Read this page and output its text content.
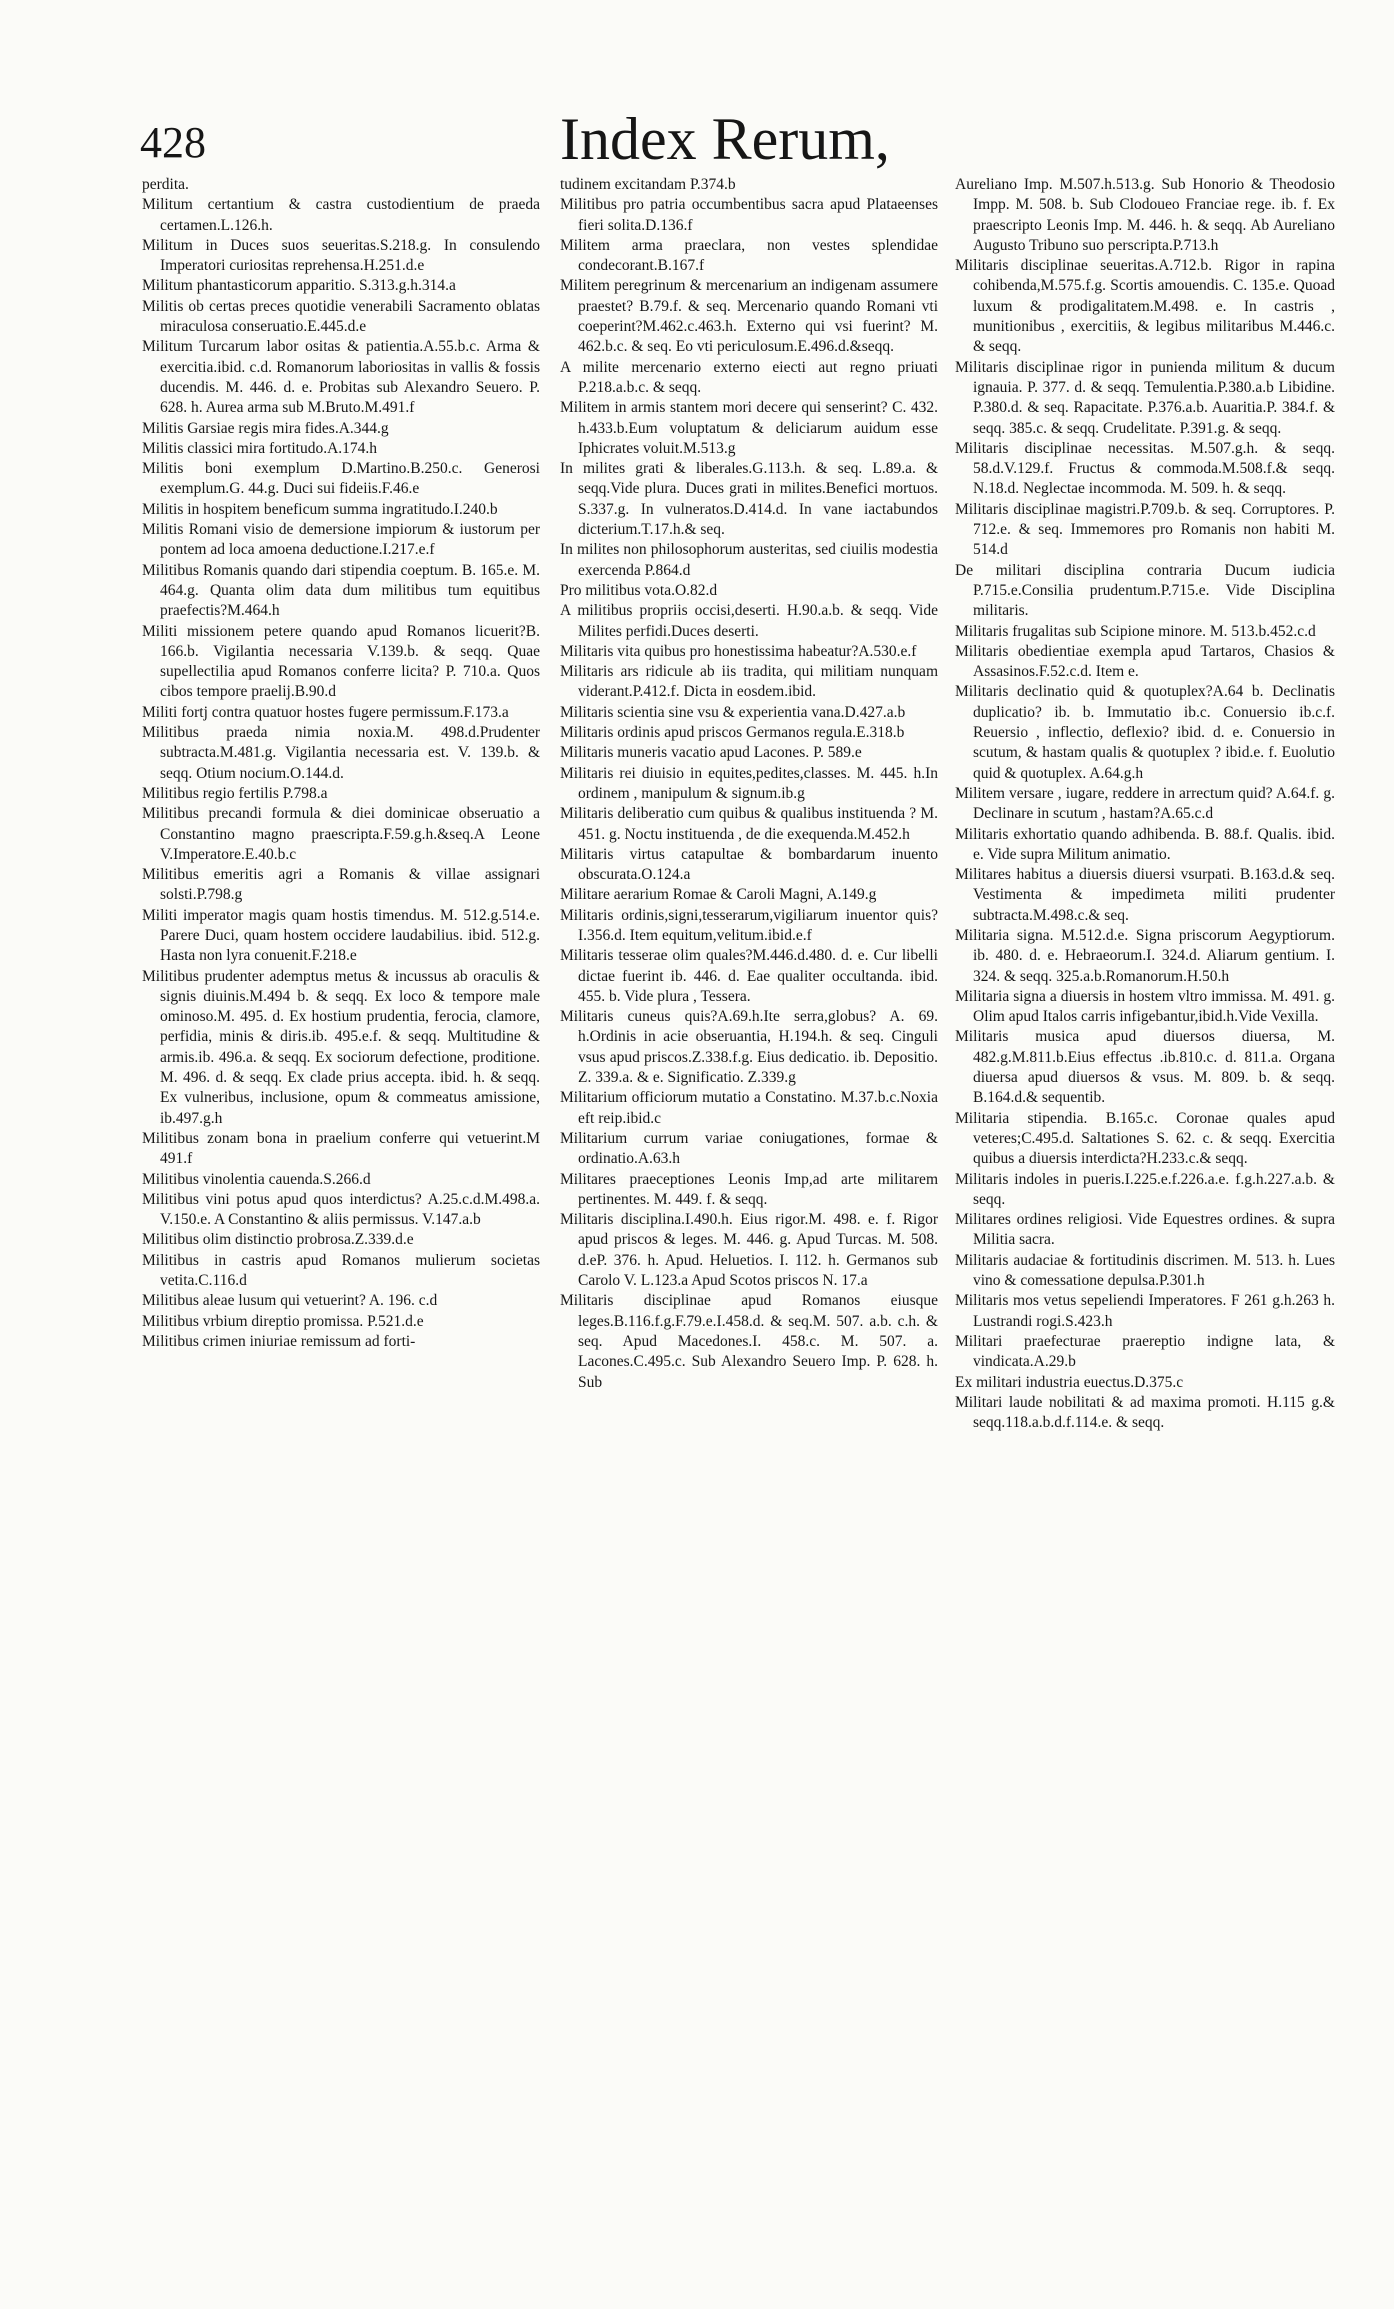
428	Index Rerum,

perdita.

Militum certantium & castra custodientium de praeda certamen.L.126.h.

Militum in Duces suos seueritas.S.218.g. In consulendo Imperatori curiositas reprehensa.H.251.d.e

Militum phantasticorum apparitio. S.313.g.h.314.a

Militis ob certas preces quotidie venerabili Sacramento oblatas miraculosa conseruatio.E.445.d.e

Militum Turcarum labor ositas & patientia.A.55.b.c. Arma & exercitia.ibid. c.d. Romanorum laboriositas in vallis & fossis ducendis. M. 446. d. e. Probitas sub Alexandro Seuero. P. 628. h. Aurea arma sub M.Bruto.M.491.f

Militis Garsiae regis mira fides.A.344.g

Militis classici mira fortitudo.A.174.h

Militis boni exemplum D.Martino.B.250.c. Generosi exemplum.G. 44.g. Duci sui fideiis.F.46.e

Militis in hospitem beneficum summa ingratitudo.I.240.b

Militis Romani visio de demersione impiorum & iustorum per pontem ad loca amoena deductione.I.217.e.f

Militibus Romanis quando dari stipendia coeptum. B. 165.e. M. 464.g. Quanta olim data dum militibus tum equitibus praefectis?M.464.h

Militi missionem petere quando apud Romanos licuerit?B. 166.b. Vigilantia necessaria V.139.b. & seqq. Quae supellectilia apud Romanos conferre licita? P. 710.a. Quos cibos tempore praelij.B.90.d

Militi fortj contra quatuor hostes fugere permissum.F.173.a

Militibus praeda nimia noxia.M. 498.d.Prudenter subtracta.M.481.g. Vigilantia necessaria est. V. 139.b. & seqq. Otium nocium.O.144.d.

Militibus regio fertilis P.798.a

Militibus precandi formula & diei dominicae obseruatio a Constantino magno praescripta.F.59.g.h.&seq.A Leone V.Imperatore.E.40.b.c

Militibus emeritis agri a Romanis & villae assignari solsti.P.798.g

Militi imperator magis quam hostis timendus. M. 512.g.514.e. Parere Duci, quam hostem occidere laudabilius. ibid. 512.g. Hasta non lyra conuenit.F.218.e

Militibus prudenter ademptus metus & incussus ab oraculis & signis diuinis.M.494 b. & seqq. Ex loco & tempore male ominoso.M. 495. d. Ex hostium prudentia, ferocia, clamore, perfidia, minis & diris.ib. 495.e.f. & seqq. Multitudine & armis.ib. 496.a. & seqq. Ex sociorum defectione, proditione. M. 496. d. & seqq. Ex clade prius accepta. ibid. h. & seqq. Ex vulneribus, inclusione, opum & commeatus amissione, ib.497.g.h

Militibus zonam bona in praelium conferre qui vetuerint.M 491.f

Militibus vinolentia cauenda.S.266.d

Militibus vini potus apud quos interdictus? A.25.c.d.M.498.a. V.150.e. A Constantino & aliis permissus. V.147.a.b

Militibus olim distinctio probrosa.Z.339.d.e

Militibus in castris apud Romanos mulierum societas vetita.C.116.d

Militibus aleae lusum qui vetuerint? A. 196. c.d

Militibus vrbium direptio promissa. P.521.d.e

Militibus crimen iniuriae remissum ad forti-

tudinem excitandam P.374.b

Militibus pro patria occumbentibus sacra apud Plataeenses fieri solita.D.136.f

Militem arma praeclara, non vestes splendidae condecorant.B.167.f

Militem peregrinum & mercenarium an indigenam assumere praestet? B.79.f. & seq. Mercenario quando Romani vti coeperint?M.462.c.463.h. Externo qui vsi fuerint? M. 462.b.c. & seq. Eo vti periculosum.E.496.d.&seqq.

A milite mercenario externo eiecti aut regno priuati P.218.a.b.c. & seqq.

Militem in armis stantem mori decere qui senserint? C. 432. h.433.b.Eum voluptatum & deliciarum auidum esse Iphicrates voluit.M.513.g

In milites grati & liberales.G.113.h. & seq. L.89.a. & seqq.Vide plura. Duces grati in milites.Benefici mortuos. S.337.g. In vulneratos.D.414.d. In vane iactabundos dicterium.T.17.h.& seq.

In milites non philosophorum austeritas, sed ciuilis modestia exercenda P.864.d

Pro militibus vota.O.82.d

A militibus propriis occisi,deserti. H.90.a.b. & seqq. Vide Milites perfidi.Duces deserti.

Militaris vita quibus pro honestissima habeatur?A.530.e.f

Militaris ars ridicule ab iis tradita, qui militiam nunquam viderant.P.412.f. Dicta in eosdem.ibid.

Militaris scientia sine vsu & experientia vana.D.427.a.b

Militaris ordinis apud priscos Germanos regula.E.318.b

Militaris muneris vacatio apud Lacones. P. 589.e

Militaris rei diuisio in equites,pedites,classes. M. 445. h.In ordinem , manipulum & signum.ib.g

Militaris deliberatio cum quibus & qualibus instituenda ? M. 451. g. Noctu instituenda , de die exequenda.M.452.h

Militaris virtus catapultae & bombardarum inuento obscurata.O.124.a

Militare aerarium Romae & Caroli Magni, A.149.g

Militaris ordinis,signi,tesserarum,vigiliarum inuentor quis?I.356.d. Item equitum,velitum.ibid.e.f

Militaris tesserae olim quales?M.446.d.480. d. e. Cur libelli dictae fuerint ib. 446. d. Eae qualiter occultanda. ibid. 455. b. Vide plura , Tessera.

Militaris cuneus quis?A.69.h.Ite serra,globus? A. 69. h.Ordinis in acie obseruantia, H.194.h. & seq. Cinguli vsus apud priscos.Z.338.f.g. Eius dedicatio. ib. Depositio. Z. 339.a. & e. Significatio. Z.339.g

Militarium officiorum mutatio a Constatino. M.37.b.c.Noxia eft reip.ibid.c

Militarium currum variae coniugationes, formae & ordinatio.A.63.h

Militares praeceptiones Leonis Imp,ad arte militarem pertinentes. M. 449. f. & seqq.

Militaris disciplina.I.490.h. Eius rigor.M. 498. e. f. Rigor apud priscos & leges. M. 446. g. Apud Turcas. M. 508. d.eP. 376. h. Apud. Heluetios. I. 112. h. Germanos sub Carolo V. L.123.a Apud Scotos priscos N. 17.a

Militaris disciplinae apud Romanos eiusque leges.B.116.f.g.F.79.e.I.458.d. & seq.M. 507. a.b. c.h. & seq. Apud Macedones.I. 458.c. M. 507. a. Lacones.C.495.c. Sub Alexandro Seuero Imp. P. 628. h. Sub

Aureliano Imp. M.507.h.513.g. Sub Honorio & Theodosio Impp. M. 508. b. Sub Clodoueo Franciae rege. ib. f. Ex praescripto Leonis Imp. M. 446. h. & seqq. Ab Aureliano Augusto Tribuno suo perscripta.P.713.h

Militaris disciplinae seueritas.A.712.b. Rigor in rapina cohibenda,M.575.f.g. Scortis amouendis. C. 135.e. Quoad luxum & prodigalitatem.M.498. e. In castris , munitionibus , exercitiis, & legibus militaribus M.446.c. & seqq.

Militaris disciplinae rigor in punienda militum & ducum ignauia. P. 377. d. & seqq. Temulentia.P.380.a.b Libidine. P.380.d. & seq. Rapacitate. P.376.a.b. Auaritia.P. 384.f. & seqq. 385.c. & seqq. Crudelitate. P.391.g. & seqq.

Militaris disciplinae necessitas. M.507.g.h. & seqq. 58.d.V.129.f. Fructus & commoda.M.508.f.& seqq. N.18.d. Neglectae incommoda. M. 509. h. & seqq.

Militaris disciplinae magistri.P.709.b. & seq. Corruptores. P. 712.e. & seq. Immemores pro Romanis non habiti M. 514.d

De militari disciplina contraria Ducum iudicia P.715.e.Consilia prudentum.P.715.e. Vide Disciplina militaris.

Militaris frugalitas sub Scipione minore. M. 513.b.452.c.d

Militaris obedientiae exempla apud Tartaros, Chasios & Assasinos.F.52.c.d. Item e.

Militaris declinatio quid & quotuplex?A.64 b. Declinatis duplicatio? ib. b. Immutatio ib.c. Conuersio ib.c.f. Reuersio , inflectio, deflexio? ibid. d. e. Conuersio in scutum, & hastam qualis & quotuplex ? ibid.e. f. Euolutio quid & quotuplex. A.64.g.h

Militem versare , iugare, reddere in arrectum quid? A.64.f. g. Declinare in scutum , hastam?A.65.c.d

Militaris exhortatio quando adhibenda. B. 88.f. Qualis. ibid. e. Vide supra Militum animatio.

Militares habitus a diuersis diuersi vsurpati. B.163.d.& seq. Vestimenta & impedimeta militi prudenter subtracta.M.498.c.& seq.

Militaria signa. M.512.d.e. Signa priscorum Aegyptiorum. ib. 480. d. e. Hebraeorum.I. 324.d. Aliarum gentium. I. 324. & seqq. 325.a.b.Romanorum.H.50.h

Militaria signa a diuersis in hostem vltro immissa. M. 491. g. Olim apud Italos carris infigebantur,ibid.h.Vide Vexilla.

Militaris musica apud diuersos diuersa, M. 482.g.M.811.b.Eius effectus .ib.810.c. d. 811.a. Organa diuersa apud diuersos & vsus. M. 809. b. & seqq. B.164.d.& sequentib.

Militaria stipendia. B.165.c. Coronae quales apud veteres;C.495.d. Saltationes S. 62. c. & seqq. Exercitia quibus a diuersis interdicta?H.233.c.& seqq.

Militaris indoles in pueris.I.225.e.f.226.a.e. f.g.h.227.a.b. & seqq.

Militares ordines religiosi. Vide Equestres ordines. & supra Militia sacra.

Militaris audaciae & fortitudinis discrimen. M. 513. h. Lues vino & comessatione depulsa.P.301.h

Militaris mos vetus sepeliendi Imperatores. F 261 g.h.263 h. Lustrandi rogi.S.423.h

Militari praefecturae praereptio indigne lata, & vindicata.A.29.b

Ex militari industria euectus.D.375.c

Militari laude nobilitati & ad maxima promoti. H.115 g.& seqq.118.a.b.d.f.114.e. & seqq.
